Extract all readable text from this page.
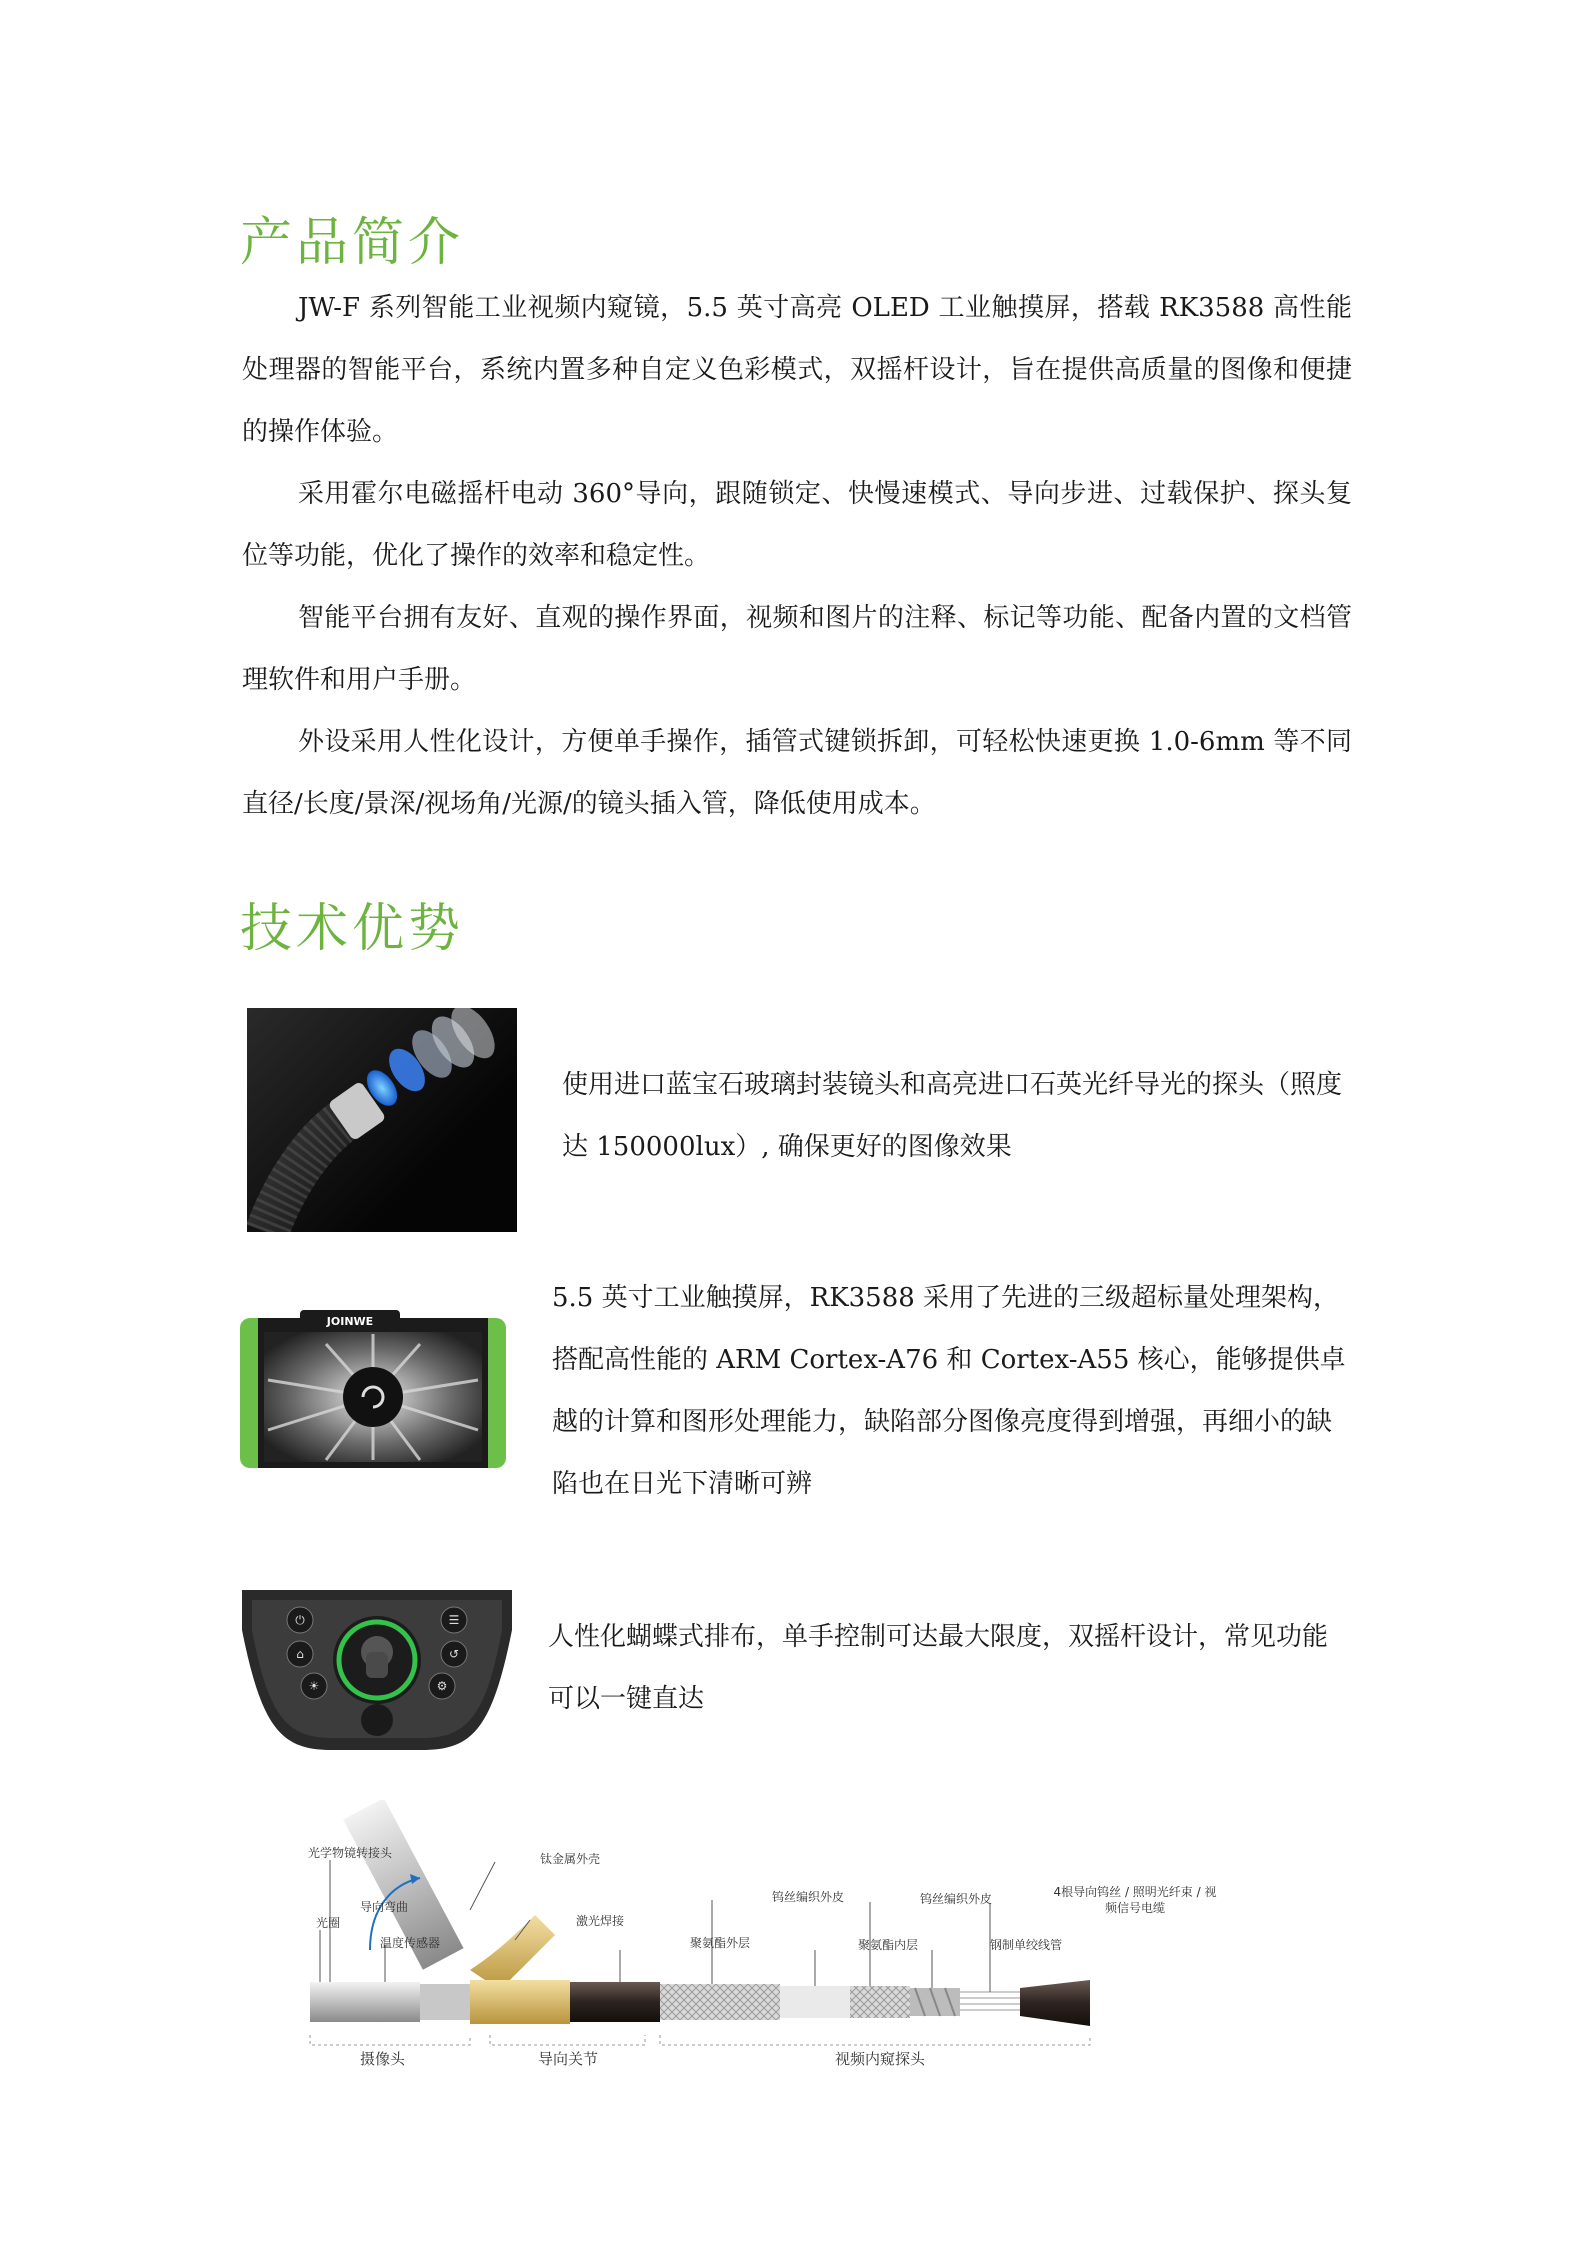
产品简介

JW-F 系列智能工业视频内窥镜，5.5 英寸高亮 OLED 工业触摸屏，搭载 RK3588 高性能处理器的智能平台，系统内置多种自定义色彩模式，双摇杆设计，旨在提供高质量的图像和便捷的操作体验。

采用霍尔电磁摇杆电动 360°导向，跟随锁定、快慢速模式、导向步进、过载保护、探头复位等功能，优化了操作的效率和稳定性。

智能平台拥有友好、直观的操作界面，视频和图片的注释、标记等功能、配备内置的文档管理软件和用户手册。

外设采用人性化设计，方便单手操作，插管式键锁拆卸，可轻松快速更换 1.0-6mm 等不同直径/长度/景深/视场角/光源/的镜头插入管，降低使用成本。

技术优势

使用进口蓝宝石玻璃封装镜头和高亮进口石英光纤导光的探头（照度达 150000lux）, 确保更好的图像效果

JOINWE

5.5 英寸工业触摸屏，RK3588 采用了先进的三级超标量处理架构，搭配高性能的 ARM Cortex-A76 和 Cortex-A55 核心，能够提供卓越的计算和图形处理能力，缺陷部分图像亮度得到增强，再细小的缺陷也在日光下清晰可辨

⏻	☰
⌂	↺
☀	⚙

人性化蝴蝶式排布，单手控制可达最大限度，双摇杆设计，常见功能可以一键直达

光学物镜转接头
导向弯曲
光圈
温度传感器
钛金属外壳
激光焊接
聚氨酯外层
钨丝编织外皮
聚氨酯内层
钨丝编织外皮
钢制单绞线管
4根导向钨丝 / 照明光纤束 / 视频信号电缆
摄像头	导向关节	视频内窥探头
